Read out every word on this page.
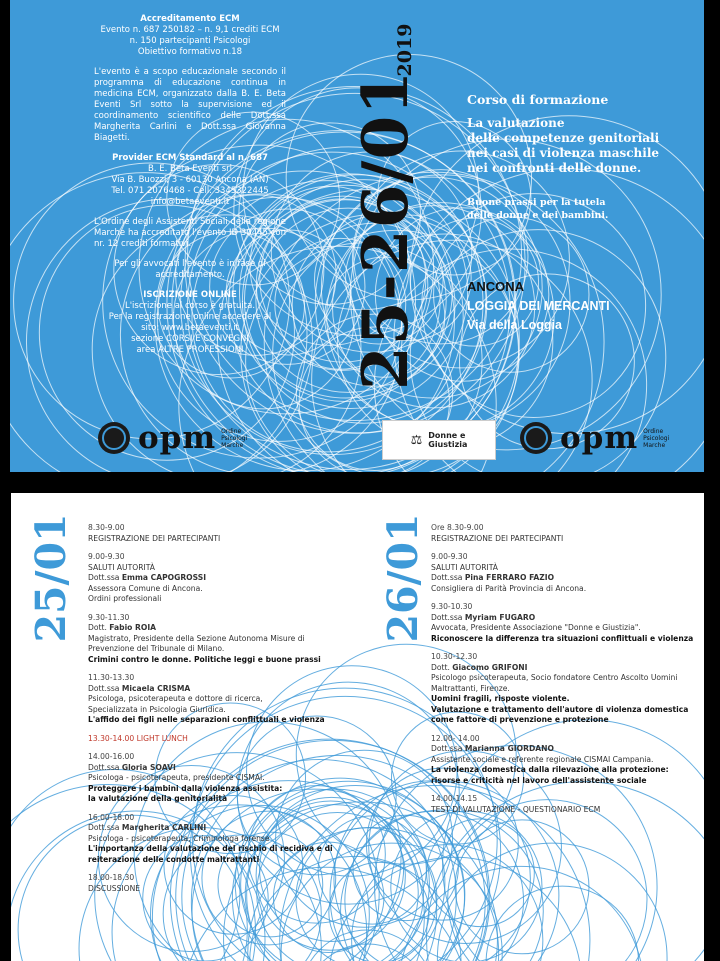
Accreditamento ECM
Evento n. 687 250182 – n. 9,1 crediti ECM
n. 150 partecipanti Psicologi
Obiettivo formativo n.18

L'evento è a scopo educazionale secondo il programma di educazione continua in medicina ECM, organizzato dalla B. E. Beta Eventi Srl sotto la supervisione ed il coordinamento scientifico delle Dott.ssa Margherita Carlini e Dott.ssa Giovanna Biagetti.

Provider ECM Standard al n. 687
B. E. Beta Eventi srl
Via B. Buozzi, 3 - 60130 Ancona (AN)
Tel. 071 2076468 - Cell. 3345322445
info@betaeventi.it

L'Ordine degli Assistenti Sociali della regione Marche ha accreditato l'evento ID 30445 con nr. 12 crediti formativi.

Per gli avvocati l'evento è in fase di accreditamento.

ISCRIZIONE ONLINE
L'iscrizione al corso è gratuita.
Per la registrazione online accedere al
sito: www.betaeventi.it
sezione CORSI E CONVEGNI
area ALTRE PROFESSIONI	25-26/01
2019
Corso di formazione
La valutazione
delle competenze genitoriali
nei casi di violenza maschile
nei confronti delle donne.
Buone prassi per la tutela
delle donne e dei bambini.
ANCONA
LOGGIA DEI MERCANTI
Via della Loggia
opm Ordine
Psicologi
Marche	⚖ Donne e
Giustizia	opm Ordine
Psicologi
Marche
25/01	26/01
8.30-9.00
REGISTRAZIONE DEI PARTECIPANTI
9.00-9.30
SALUTI AUTORITÀ
Dott.ssa Emma CAPOGROSSI
Assessora Comune di Ancona.
Ordini professionali
9.30-11.30
Dott. Fabio ROIA
Magistrato, Presidente della Sezione Autonoma Misure di
Prevenzione del Tribunale di Milano.
Crimini contro le donne. Politiche leggi e buone prassi
11.30-13.30
Dott.ssa Micaela CRISMA
Psicologa, psicoterapeuta e dottore di ricerca,
Specializzata in Psicologia Giuridica.
L'affido dei figli nelle separazioni conflittuali e violenza
13.30-14.00 LIGHT LUNCH
14.00-16.00
Dott.ssa Gloria SOAVI
Psicologa - psicoterapeuta, presidente CISMAI.
Proteggere i bambini dalla violenza assistita:
la valutazione della genitorialità
16.00-18.00
Dott.ssa Margherita CARLINI
Psicologa - psicoterapeuta, Criminologa forense
L'importanza della valutazione del rischio di recidiva e di
reiterazione delle condotte maltrattanti
18.00-18.30
DISCUSSIONE
Ore 8.30-9.00
REGISTRAZIONE DEI PARTECIPANTI
9.00-9.30
SALUTI AUTORITÀ
Dott.ssa Pina FERRARO FAZIO
Consigliera di Parità Provincia di Ancona.
9.30-10.30
Dott.ssa Myriam FUGARO
Avvocata, Presidente Associazione "Donne e Giustizia".
Riconoscere la differenza tra situazioni conflittuali e violenza
10.30-12.30
Dott. Giacomo GRIFONI
Psicologo psicoterapeuta, Socio fondatore Centro Ascolto Uomini
Maltrattanti, Firenze.
Uomini fragili, risposte violente.
Valutazione e trattamento dell'autore di violenza domestica
come fattore di prevenzione e protezione
12.00- 14.00
Dott.ssa Marianna GIORDANO
Assistente sociale e referente regionale CISMAI Campania.
La violenza domestica dalla rilevazione alla protezione:
risorse e criticità nel lavoro dell'assistente sociale
14.00-14.15
TEST DI VALUTAZIONE - QUESTIONARIO ECM
